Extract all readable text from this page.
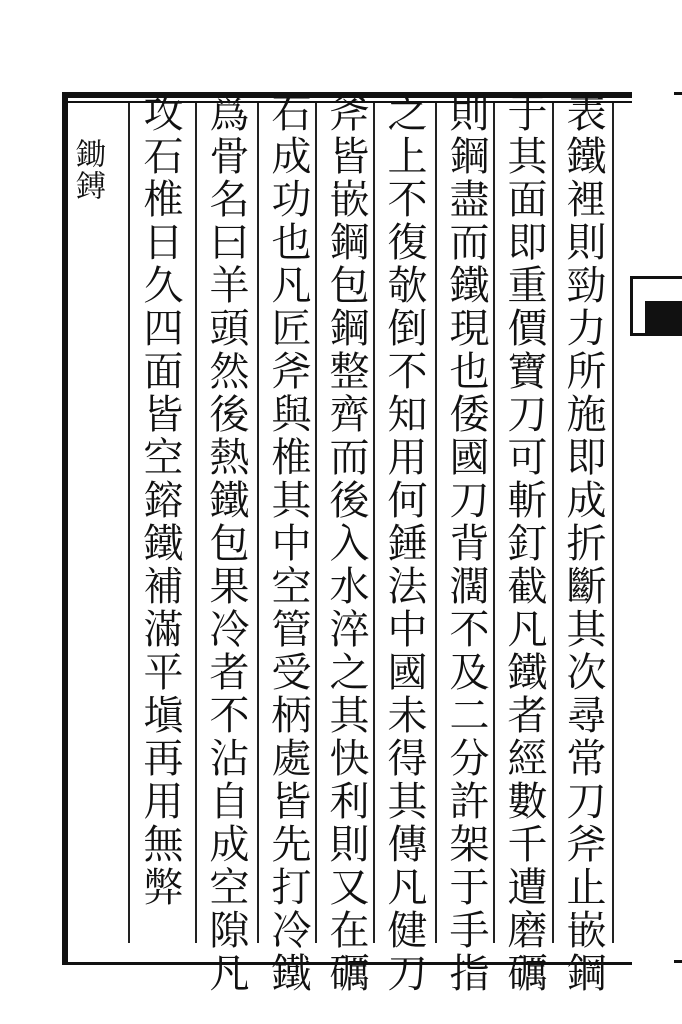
鋤鎛	表鐵裡則勁力所施即成折斷其次尋常刀斧止嵌鋼
于其面即重價寶刀可斬釘截凡鐵者經數千遭磨礪
則鋼盡而鐵現也倭國刀背濶不及二分許架于手指
之上不復欹倒不知用何錘法中國未得其傳凡健刀
斧皆嵌鋼包鋼整齊而後入水淬之其快利則又在礪
石成功也凡匠斧與椎其中空管受柄處皆先打冷鐵
爲骨名曰羊頭然後熱鐵包果冷者不沾自成空隙凡
攻石椎日久四面皆空鎔鐵補滿平塡再用無弊
